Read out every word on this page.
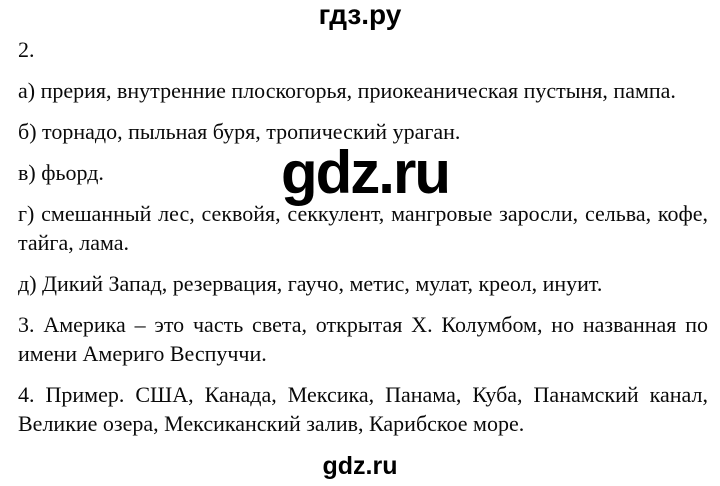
гдз.ру

2.

а) прерия, внутренние плоскогорья, приокеаническая пустыня, пампа.

б) торнадо, пыльная буря, тропический ураган.

в) фьорд.

г) смешанный лес, секвойя, секкулент, мангровые заросли, сельва, кофе, тайга, лама.

д) Дикий Запад, резервация, гаучо, метис, мулат, креол, инуит.

3. Америка – это часть света, открытая Х. Колумбом, но названная по имени Америго Веспуччи.

4. Пример. США, Канада, Мексика, Панама, Куба, Панамский канал, Великие озера, Мексиканский залив, Карибское море.

gdz.ru
gdz.ru
